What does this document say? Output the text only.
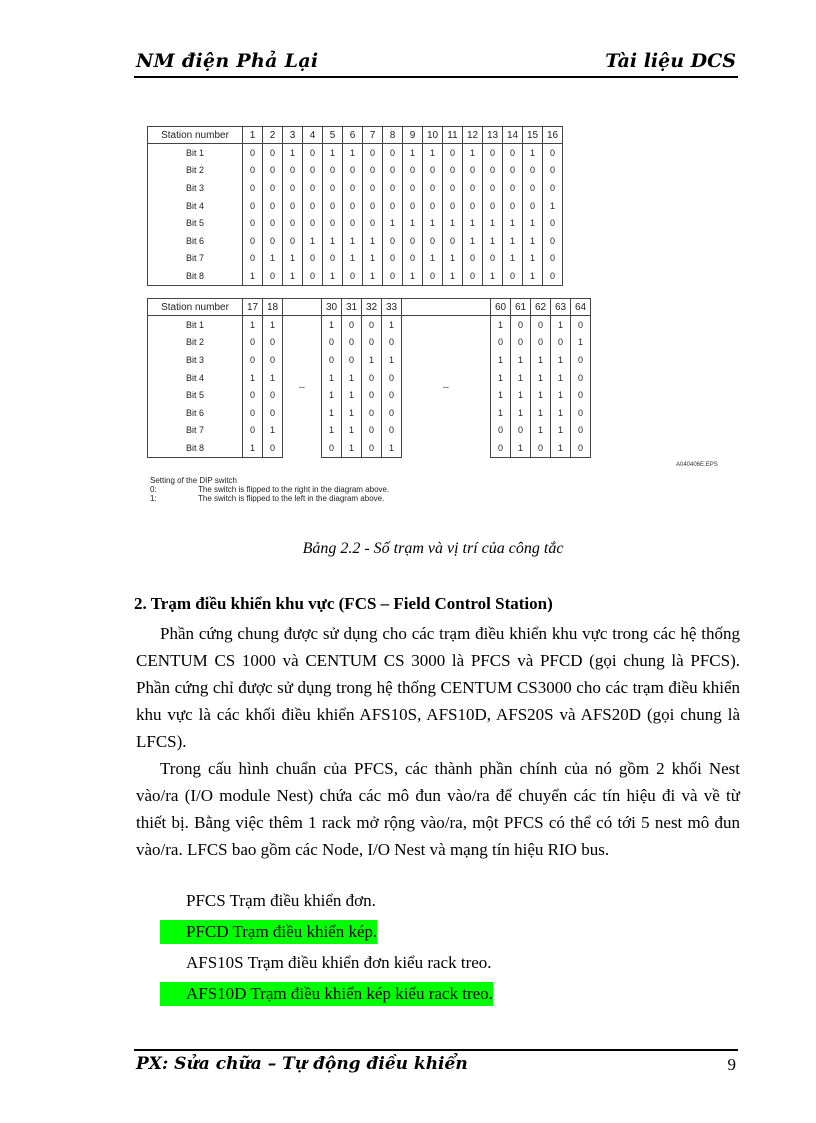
NM điện Phả Lại	Tài liệu DCS
Station number	1	2	3	4	5	6	7	8	9	10	11	12	13	14	15	16
Bit 1	0	0	1	0	1	1	0	0	1	1	0	1	0	0	1	0
Bit 2	0	0	0	0	0	0	0	0	0	0	0	0	0	0	0	0
Bit 3	0	0	0	0	0	0	0	0	0	0	0	0	0	0	0	0
Bit 4	0	0	0	0	0	0	0	0	0	0	0	0	0	0	0	1
Bit 5	0	0	0	0	0	0	0	1	1	1	1	1	1	1	1	0
Bit 6	0	0	0	1	1	1	1	0	0	0	0	1	1	1	1	0
Bit 7	0	1	1	0	0	1	1	0	0	1	1	0	0	1	1	0
Bit 8	1	0	1	0	1	0	1	0	1	0	1	0	1	0	1	0
Station number	17	18		30	31	32	33		60	61	62	63	64
Bit 1	1	1	--	1	0	0	1	--	1	0	0	1	0
Bit 2	0	0		0	0	0	0		0	0	0	0	1
Bit 3	0	0		0	0	1	1		1	1	1	1	0
Bit 4	1	1		1	1	0	0		1	1	1	1	0
Bit 5	0	0		1	1	0	0		1	1	1	1	0
Bit 6	0	0		1	1	0	0		1	1	1	1	0
Bit 7	0	1		1	1	0	0		0	0	1	1	0
Bit 8	1	0		0	1	0	1		0	1	0	1	0
A040406E.EPS
Setting of the DIP switch
0:	The switch is flipped to the right in the diagram above.
1:	The switch is flipped to the left in the diagram above.
Bảng 2.2 - Số trạm và vị trí của công tắc
2. Trạm điều khiển khu vực (FCS – Field Control Station)

Phần cứng chung được sử dụng cho các trạm điều khiển khu vực trong các hệ thống CENTUM CS 1000 và CENTUM CS 3000 là PFCS và PFCD (gọi chung là PFCS). Phần cứng chỉ được sử dụng trong hệ thống CENTUM CS3000 cho các trạm điều khiển khu vực là các khối điều khiển AFS10S, AFS10D, AFS20S và AFS20D (gọi chung là LFCS).

Trong cấu hình chuẩn của PFCS, các thành phần chính của nó gồm 2 khối Nest vào/ra (I/O module Nest) chứa các mô đun vào/ra để chuyển các tín hiệu đi và về từ thiết bị. Bằng việc thêm 1 rack mở rộng vào/ra, một PFCS có thể có tới 5 nest mô đun vào/ra. LFCS bao gồm các Node, I/O Nest và mạng tín hiệu RIO bus.

PFCS Trạm điều khiển đơn.
PFCD Trạm điều khiển kép.
AFS10S Trạm điều khiển đơn kiểu rack treo.
AFS10D Trạm điều khiển kép kiểu rack treo.
PX: Sửa chữa – Tự động điều khiển	9
